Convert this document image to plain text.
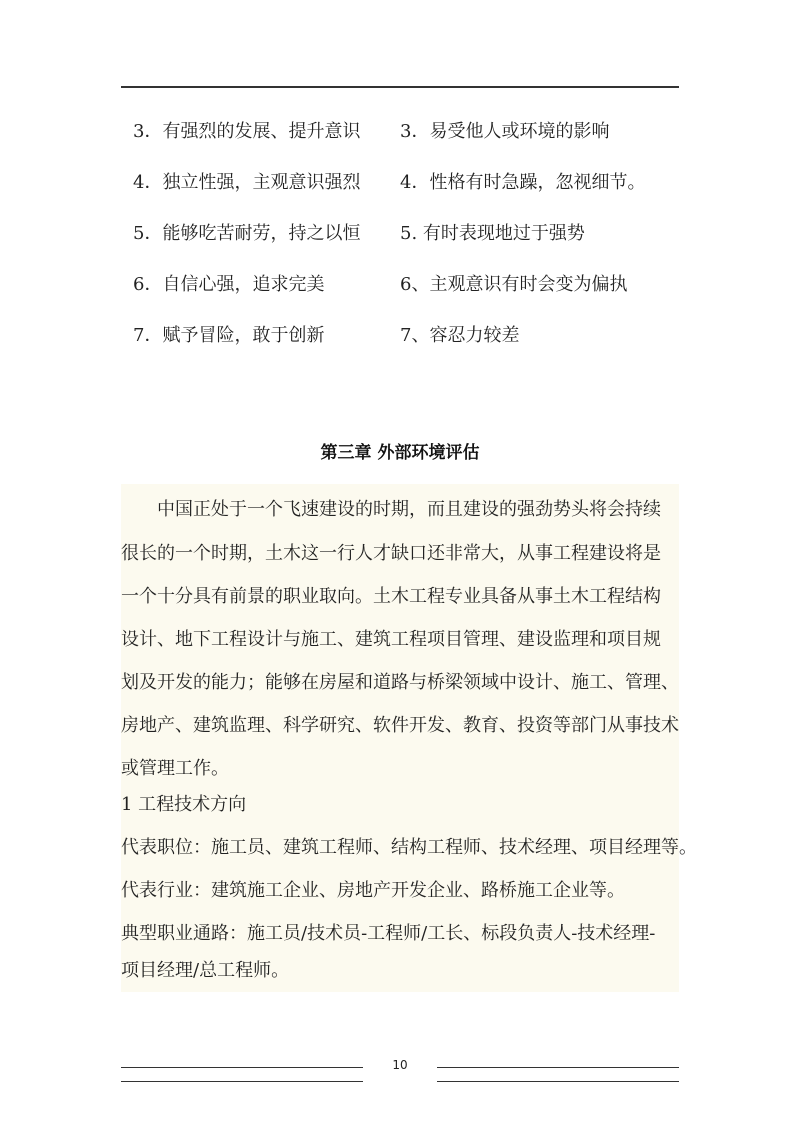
3．有强烈的发展、提升意识 3．易受他人或环境的影响
4．独立性强，主观意识强烈 4．性格有时急躁，忽视细节。
5．能够吃苦耐劳，持之以恒 5. 有时表现地过于强势
6．自信心强，追求完美	6、主观意识有时会变为偏执
7．赋予冒险，敢于创新	7、容忍力较差
第三章 外部环境评估
中国正处于一个飞速建设的时期，而且建设的强劲势头将会持续
很长的一个时期，土木这一行人才缺口还非常大，从事工程建设将是
一个十分具有前景的职业取向。土木工程专业具备从事土木工程结构
设计、地下工程设计与施工、建筑工程项目管理、建设监理和项目规
划及开发的能力；能够在房屋和道路与桥梁领域中设计、施工、管理、
房地产、建筑监理、科学研究、软件开发、教育、投资等部门从事技术
或管理工作。
1 工程技术方向
代表职位：施工员、建筑工程师、结构工程师、技术经理、项目经理等。
代表行业：建筑施工企业、房地产开发企业、路桥施工企业等。
典型职业通路：施工员/技术员-工程师/工长、标段负责人-技术经理-
项目经理/总工程师。
10
